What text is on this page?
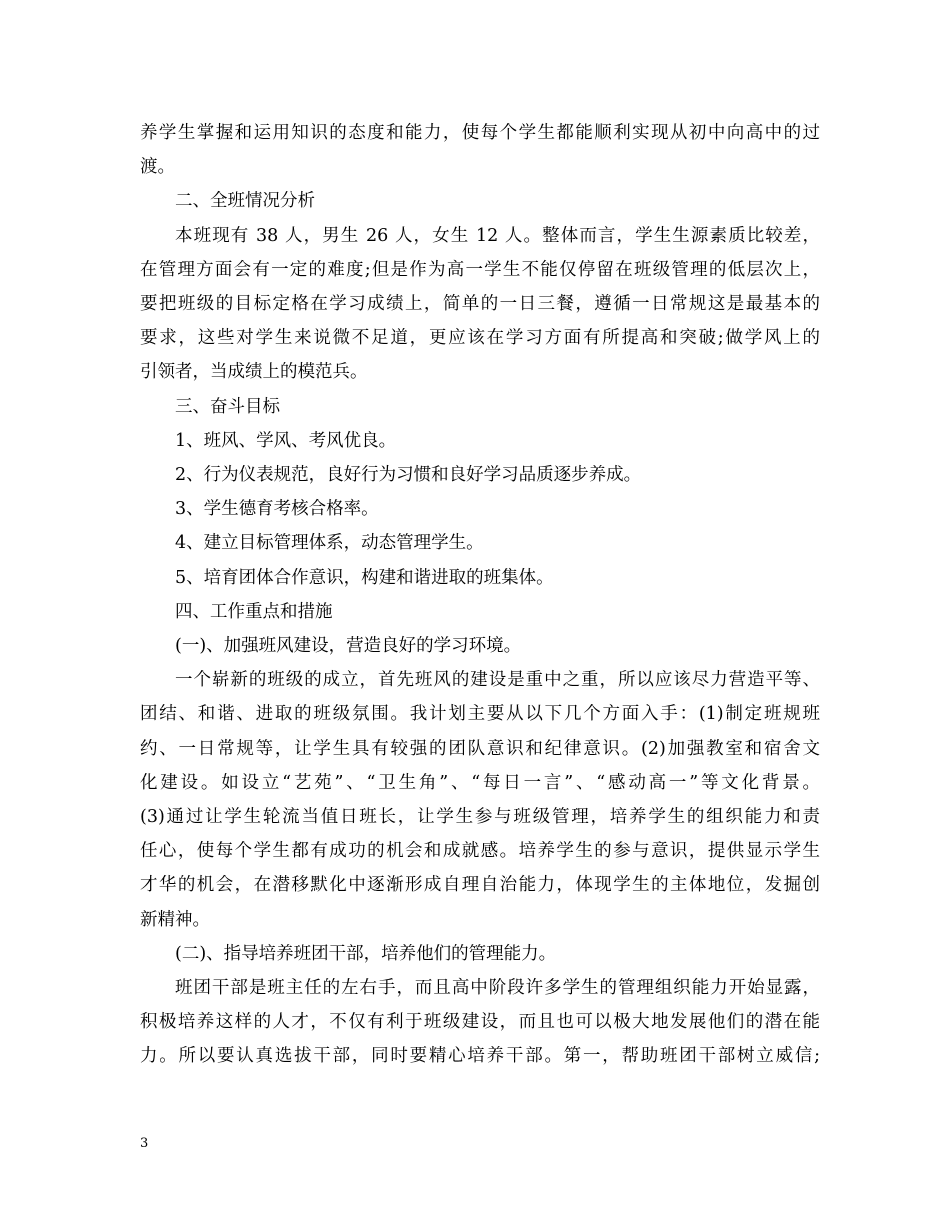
养学生掌握和运用知识的态度和能力，使每个学生都能顺利实现从初中向高中的过
渡。
二、全班情况分析
本班现有 38 人，男生 26 人，女生 12 人。整体而言，学生生源素质比较差，
在管理方面会有一定的难度;但是作为高一学生不能仅停留在班级管理的低层次上，
要把班级的目标定格在学习成绩上，简单的一日三餐，遵循一日常规这是最基本的
要求，这些对学生来说微不足道，更应该在学习方面有所提高和突破;做学风上的
引领者，当成绩上的模范兵。
三、奋斗目标
1、班风、学风、考风优良。
2、行为仪表规范，良好行为习惯和良好学习品质逐步养成。
3、学生德育考核合格率。
4、建立目标管理体系，动态管理学生。
5、培育团体合作意识，构建和谐进取的班集体。
四、工作重点和措施
(一)、加强班风建设，营造良好的学习环境。
一个崭新的班级的成立，首先班风的建设是重中之重，所以应该尽力营造平等、
团结、和谐、进取的班级氛围。我计划主要从以下几个方面入手：(1)制定班规班
约、一日常规等，让学生具有较强的团队意识和纪律意识。(2)加强教室和宿舍文
化建设。如设立“艺苑”、“卫生角”、“每日一言”、“感动高一”等文化背景。
(3)通过让学生轮流当值日班长，让学生参与班级管理，培养学生的组织能力和责
任心，使每个学生都有成功的机会和成就感。培养学生的参与意识，提供显示学生
才华的机会，在潜移默化中逐渐形成自理自治能力，体现学生的主体地位，发掘创
新精神。
(二)、指导培养班团干部，培养他们的管理能力。
班团干部是班主任的左右手，而且高中阶段许多学生的管理组织能力开始显露，
积极培养这样的人才，不仅有利于班级建设，而且也可以极大地发展他们的潜在能
力。所以要认真选拔干部，同时要精心培养干部。第一，帮助班团干部树立威信;
3
